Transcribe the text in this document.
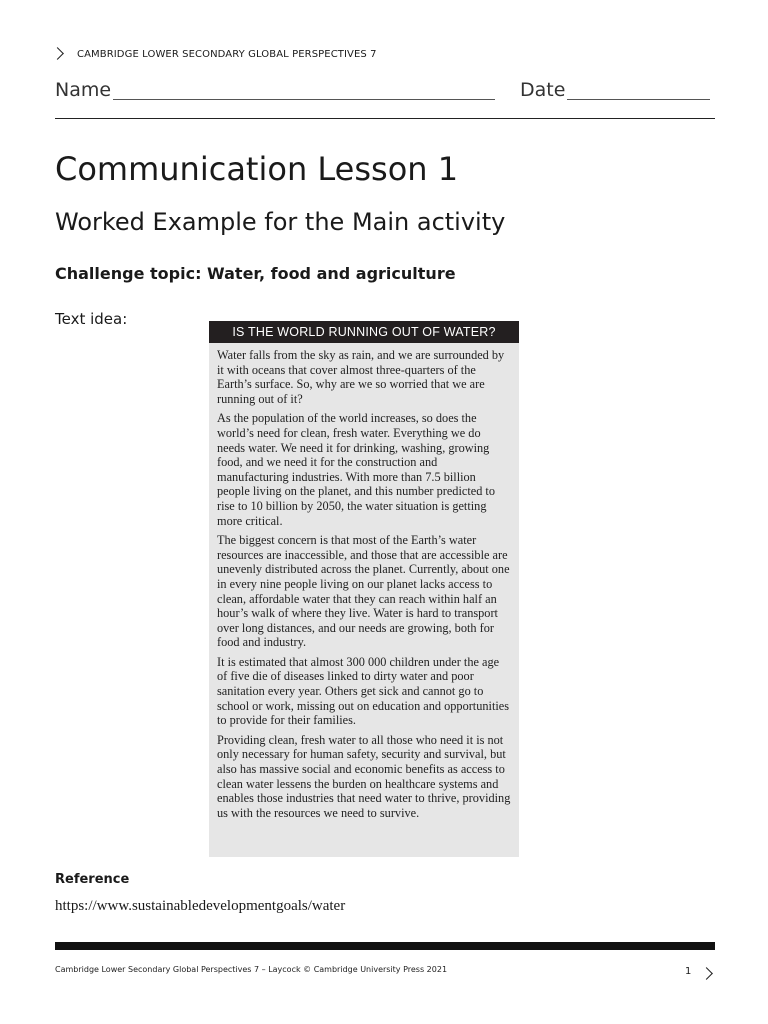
CAMBRIDGE LOWER SECONDARY GLOBAL PERSPECTIVES 7
Name	Date
Communication Lesson 1
Worked Example for the Main activity
Challenge topic: Water, food and agriculture
Text idea:
IS THE WORLD RUNNING OUT OF WATER?

Water falls from the sky as rain, and we are surrounded by it with oceans that cover almost three-quarters of the Earth’s surface. So, why are we so worried that we are running out of it?

As the population of the world increases, so does the world’s need for clean, fresh water. Everything we do needs water. We need it for drinking, washing, growing food, and we need it for the construction and manufacturing industries. With more than 7.5 billion people living on the planet, and this number predicted to rise to 10 billion by 2050, the water situation is getting more critical.

The biggest concern is that most of the Earth’s water resources are inaccessible, and those that are accessible are unevenly distributed across the planet. Currently, about one in every nine people living on our planet lacks access to clean, affordable water that they can reach within half an hour’s walk of where they live. Water is hard to transport over long distances, and our needs are growing, both for food and industry.

It is estimated that almost 300 000 children under the age of five die of diseases linked to dirty water and poor sanitation every year. Others get sick and cannot go to school or work, missing out on education and opportunities to provide for their families.

Providing clean, fresh water to all those who need it is not only necessary for human safety, security and survival, but also has massive social and economic benefits as access to clean water lessens the burden on healthcare systems and enables those industries that need water to thrive, providing us with the resources we need to survive.

Reference
https://www.sustainabledevelopmentgoals/water
Cambridge Lower Secondary Global Perspectives 7 – Laycock © Cambridge University Press 2021	1
